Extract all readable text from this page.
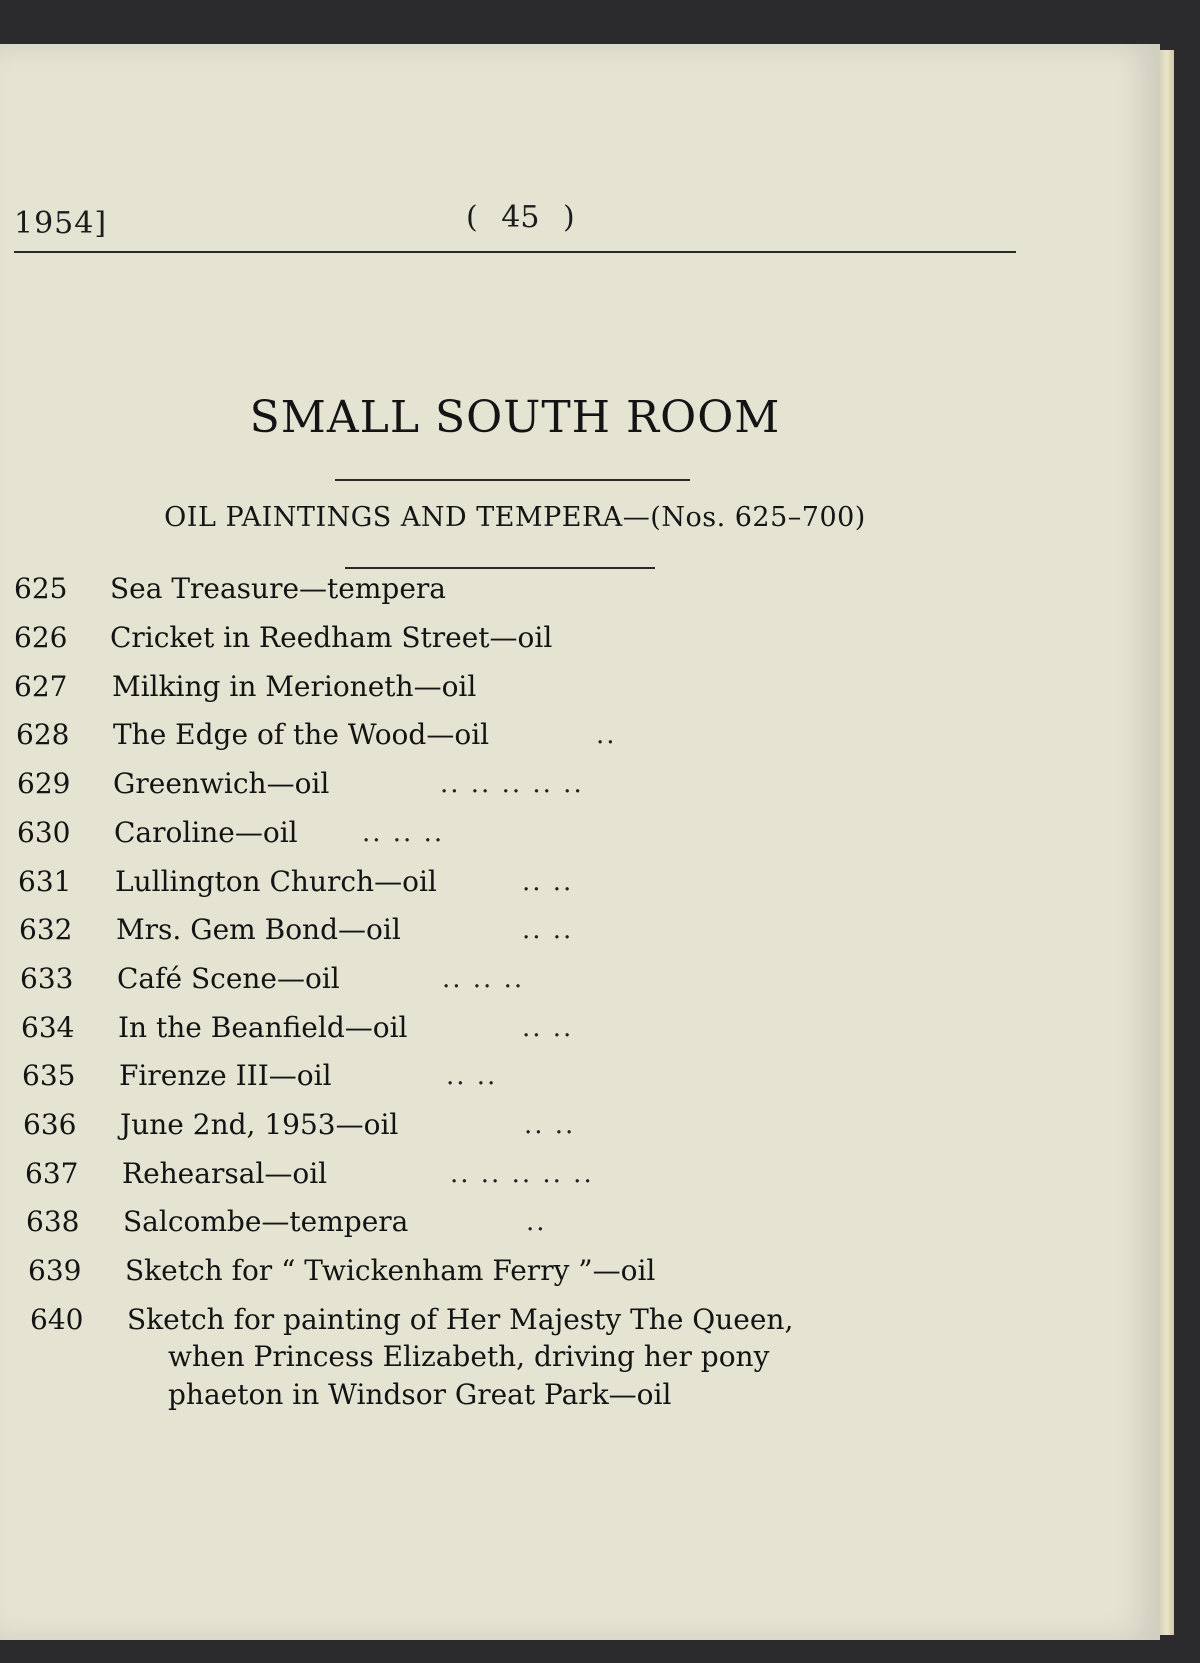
1954]	( 45 )
SMALL SOUTH ROOM
OIL PAINTINGS AND TEMPERA—(Nos. 625–700)
625 Sea Treasure—tempera
626 Cricket in Reedham Street—oil
627 Milking in Merioneth—oil
628 The Edge of the Wood—oil	..
629 Greenwich—oil	.. .. .. .. ..
630 Caroline—oil .. .. ..
631 Lullington Church—oil	.. ..
632 Mrs. Gem Bond—oil	.. ..
633 Café Scene—oil	.. .. ..
634 In the Beanfield—oil	.. ..
635 Firenze III—oil	.. ..
636 June 2nd, 1953—oil	.. ..
637 Rehearsal—oil	.. .. .. .. ..
638 Salcombe—tempera	..
639 Sketch for “ Twickenham Ferry ”—oil
640 Sketch for painting of Her Majesty The Queen,
when Princess Elizabeth, driving her pony
phaeton in Windsor Great Park—oil
